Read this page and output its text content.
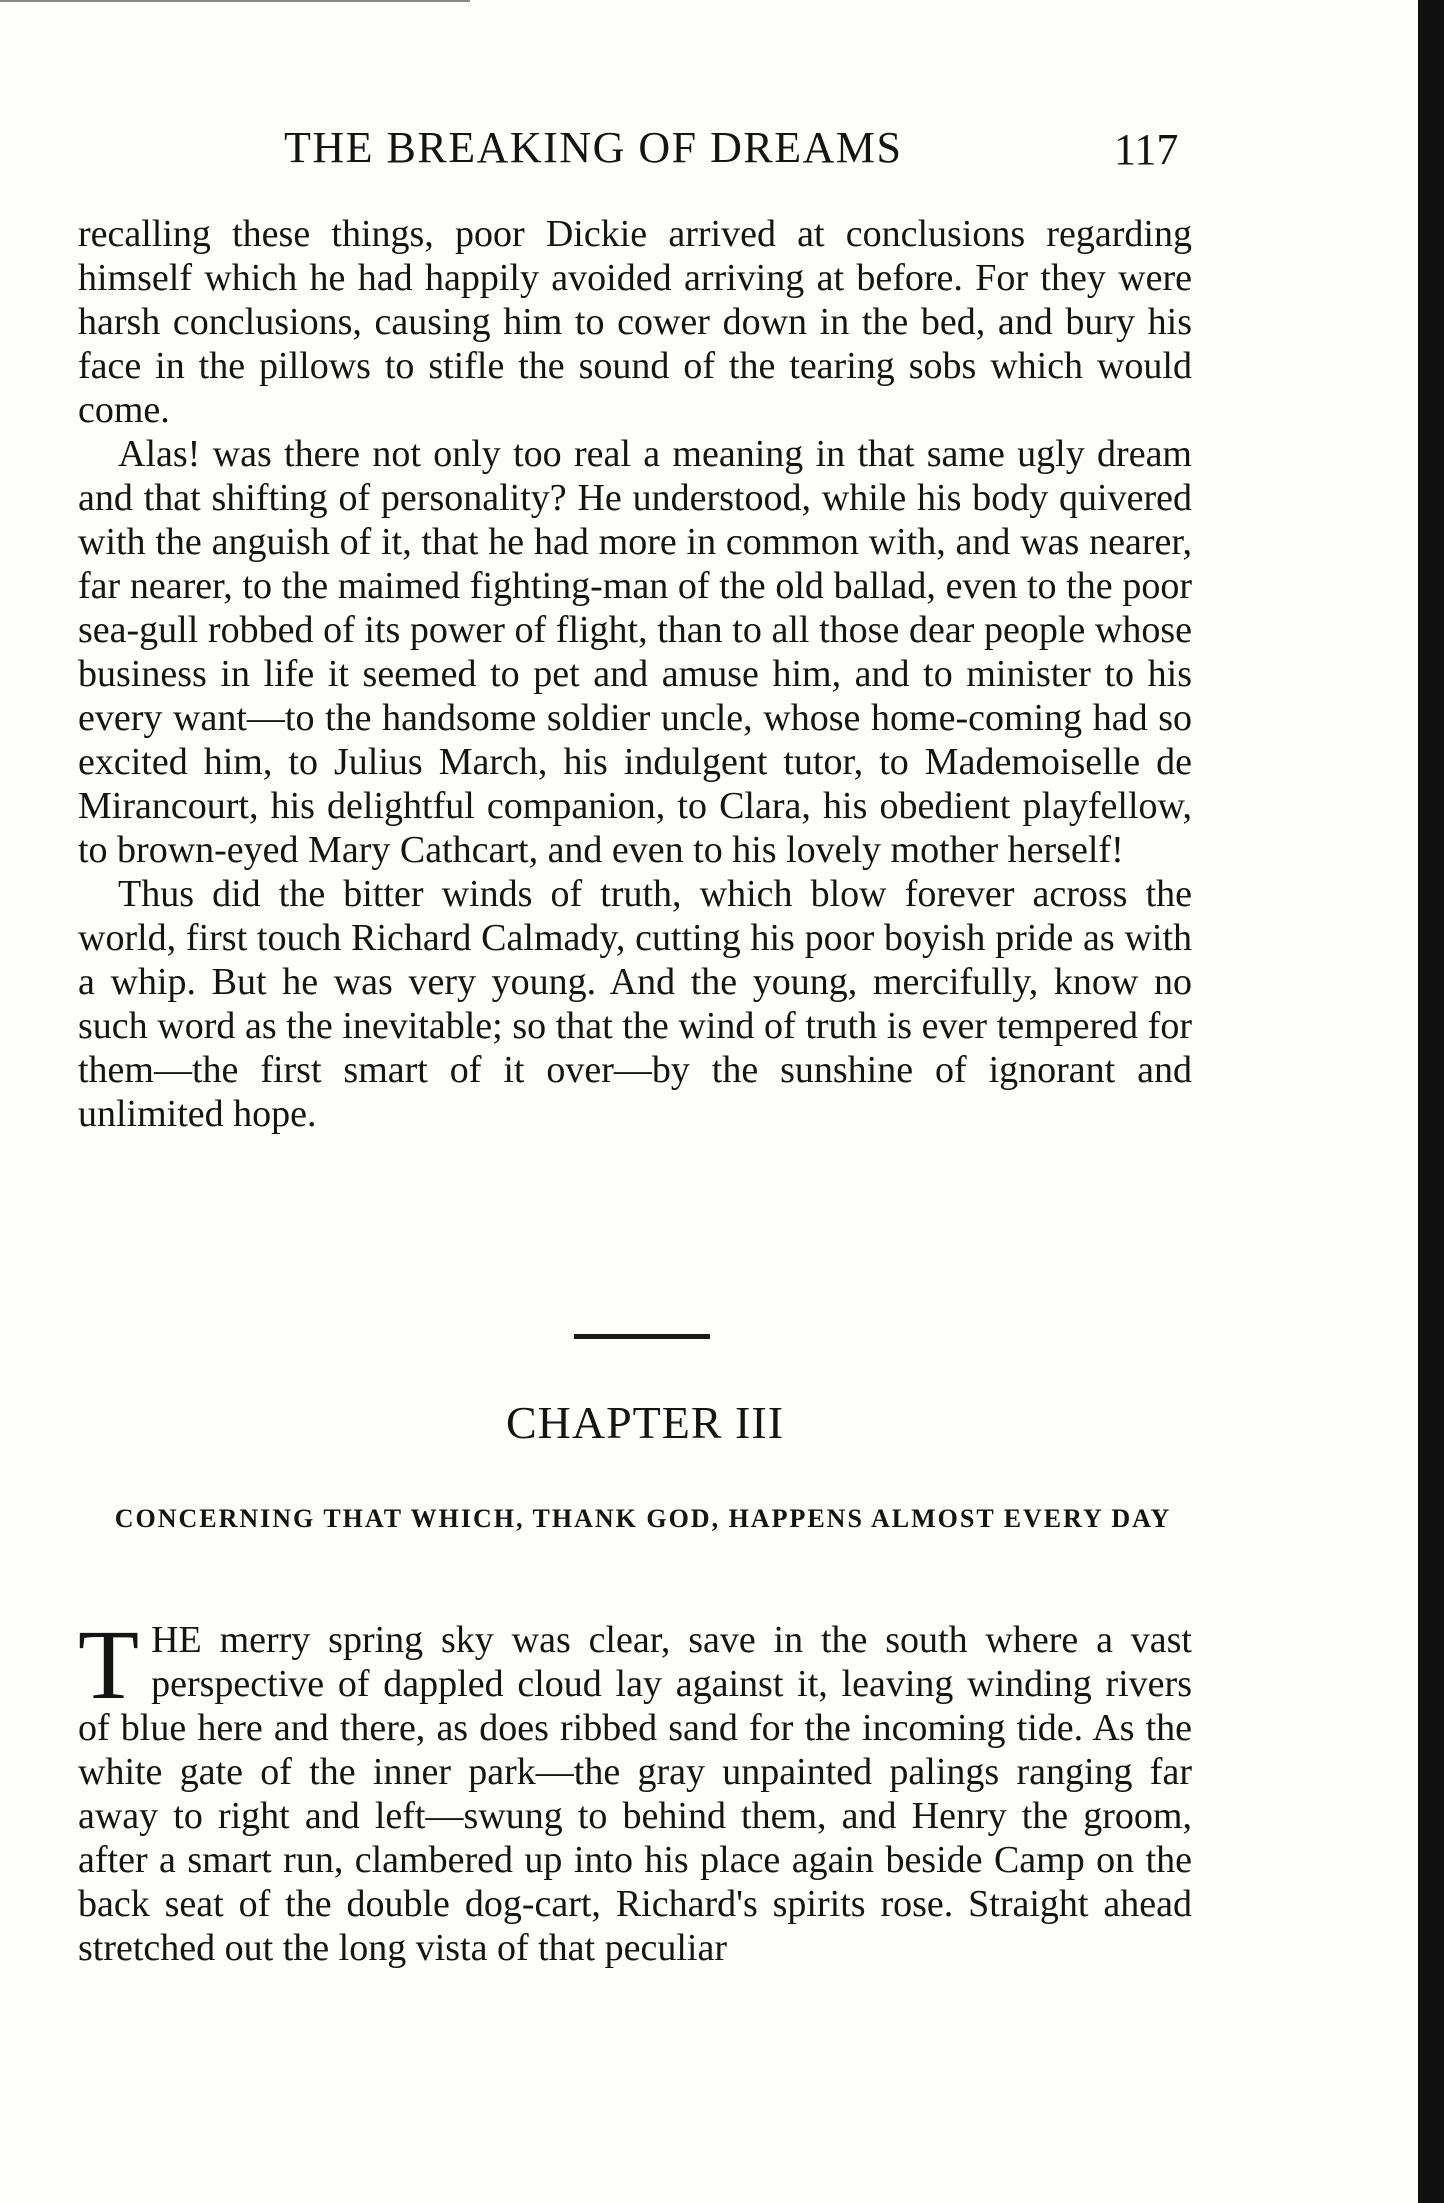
THE BREAKING OF DREAMS	117

recalling these things, poor Dickie arrived at conclusions regarding himself which he had happily avoided arriving at before. For they were harsh conclusions, causing him to cower down in the bed, and bury his face in the pillows to stifle the sound of the tearing sobs which would come.

Alas! was there not only too real a meaning in that same ugly dream and that shifting of personality? He understood, while his body quivered with the anguish of it, that he had more in common with, and was nearer, far nearer, to the maimed fighting-man of the old ballad, even to the poor sea-gull robbed of its power of flight, than to all those dear people whose business in life it seemed to pet and amuse him, and to minister to his every want—to the handsome soldier uncle, whose home-coming had so excited him, to Julius March, his indulgent tutor, to Mademoiselle de Mirancourt, his delightful companion, to Clara, his obedient playfellow, to brown-eyed Mary Cathcart, and even to his lovely mother herself!

Thus did the bitter winds of truth, which blow forever across the world, first touch Richard Calmady, cutting his poor boyish pride as with a whip. But he was very young. And the young, mercifully, know no such word as the inevitable; so that the wind of truth is ever tempered for them—the first smart of it over—by the sunshine of ignorant and unlimited hope.

CHAPTER III
CONCERNING THAT WHICH, THANK GOD, HAPPENS ALMOST EVERY DAY

THE merry spring sky was clear, save in the south where a vast perspective of dappled cloud lay against it, leaving winding rivers of blue here and there, as does ribbed sand for the incoming tide. As the white gate of the inner park—the gray unpainted palings ranging far away to right and left—swung to behind them, and Henry the groom, after a smart run, clambered up into his place again beside Camp on the back seat of the double dog-cart, Richard's spirits rose. Straight ahead stretched out the long vista of that peculiar
